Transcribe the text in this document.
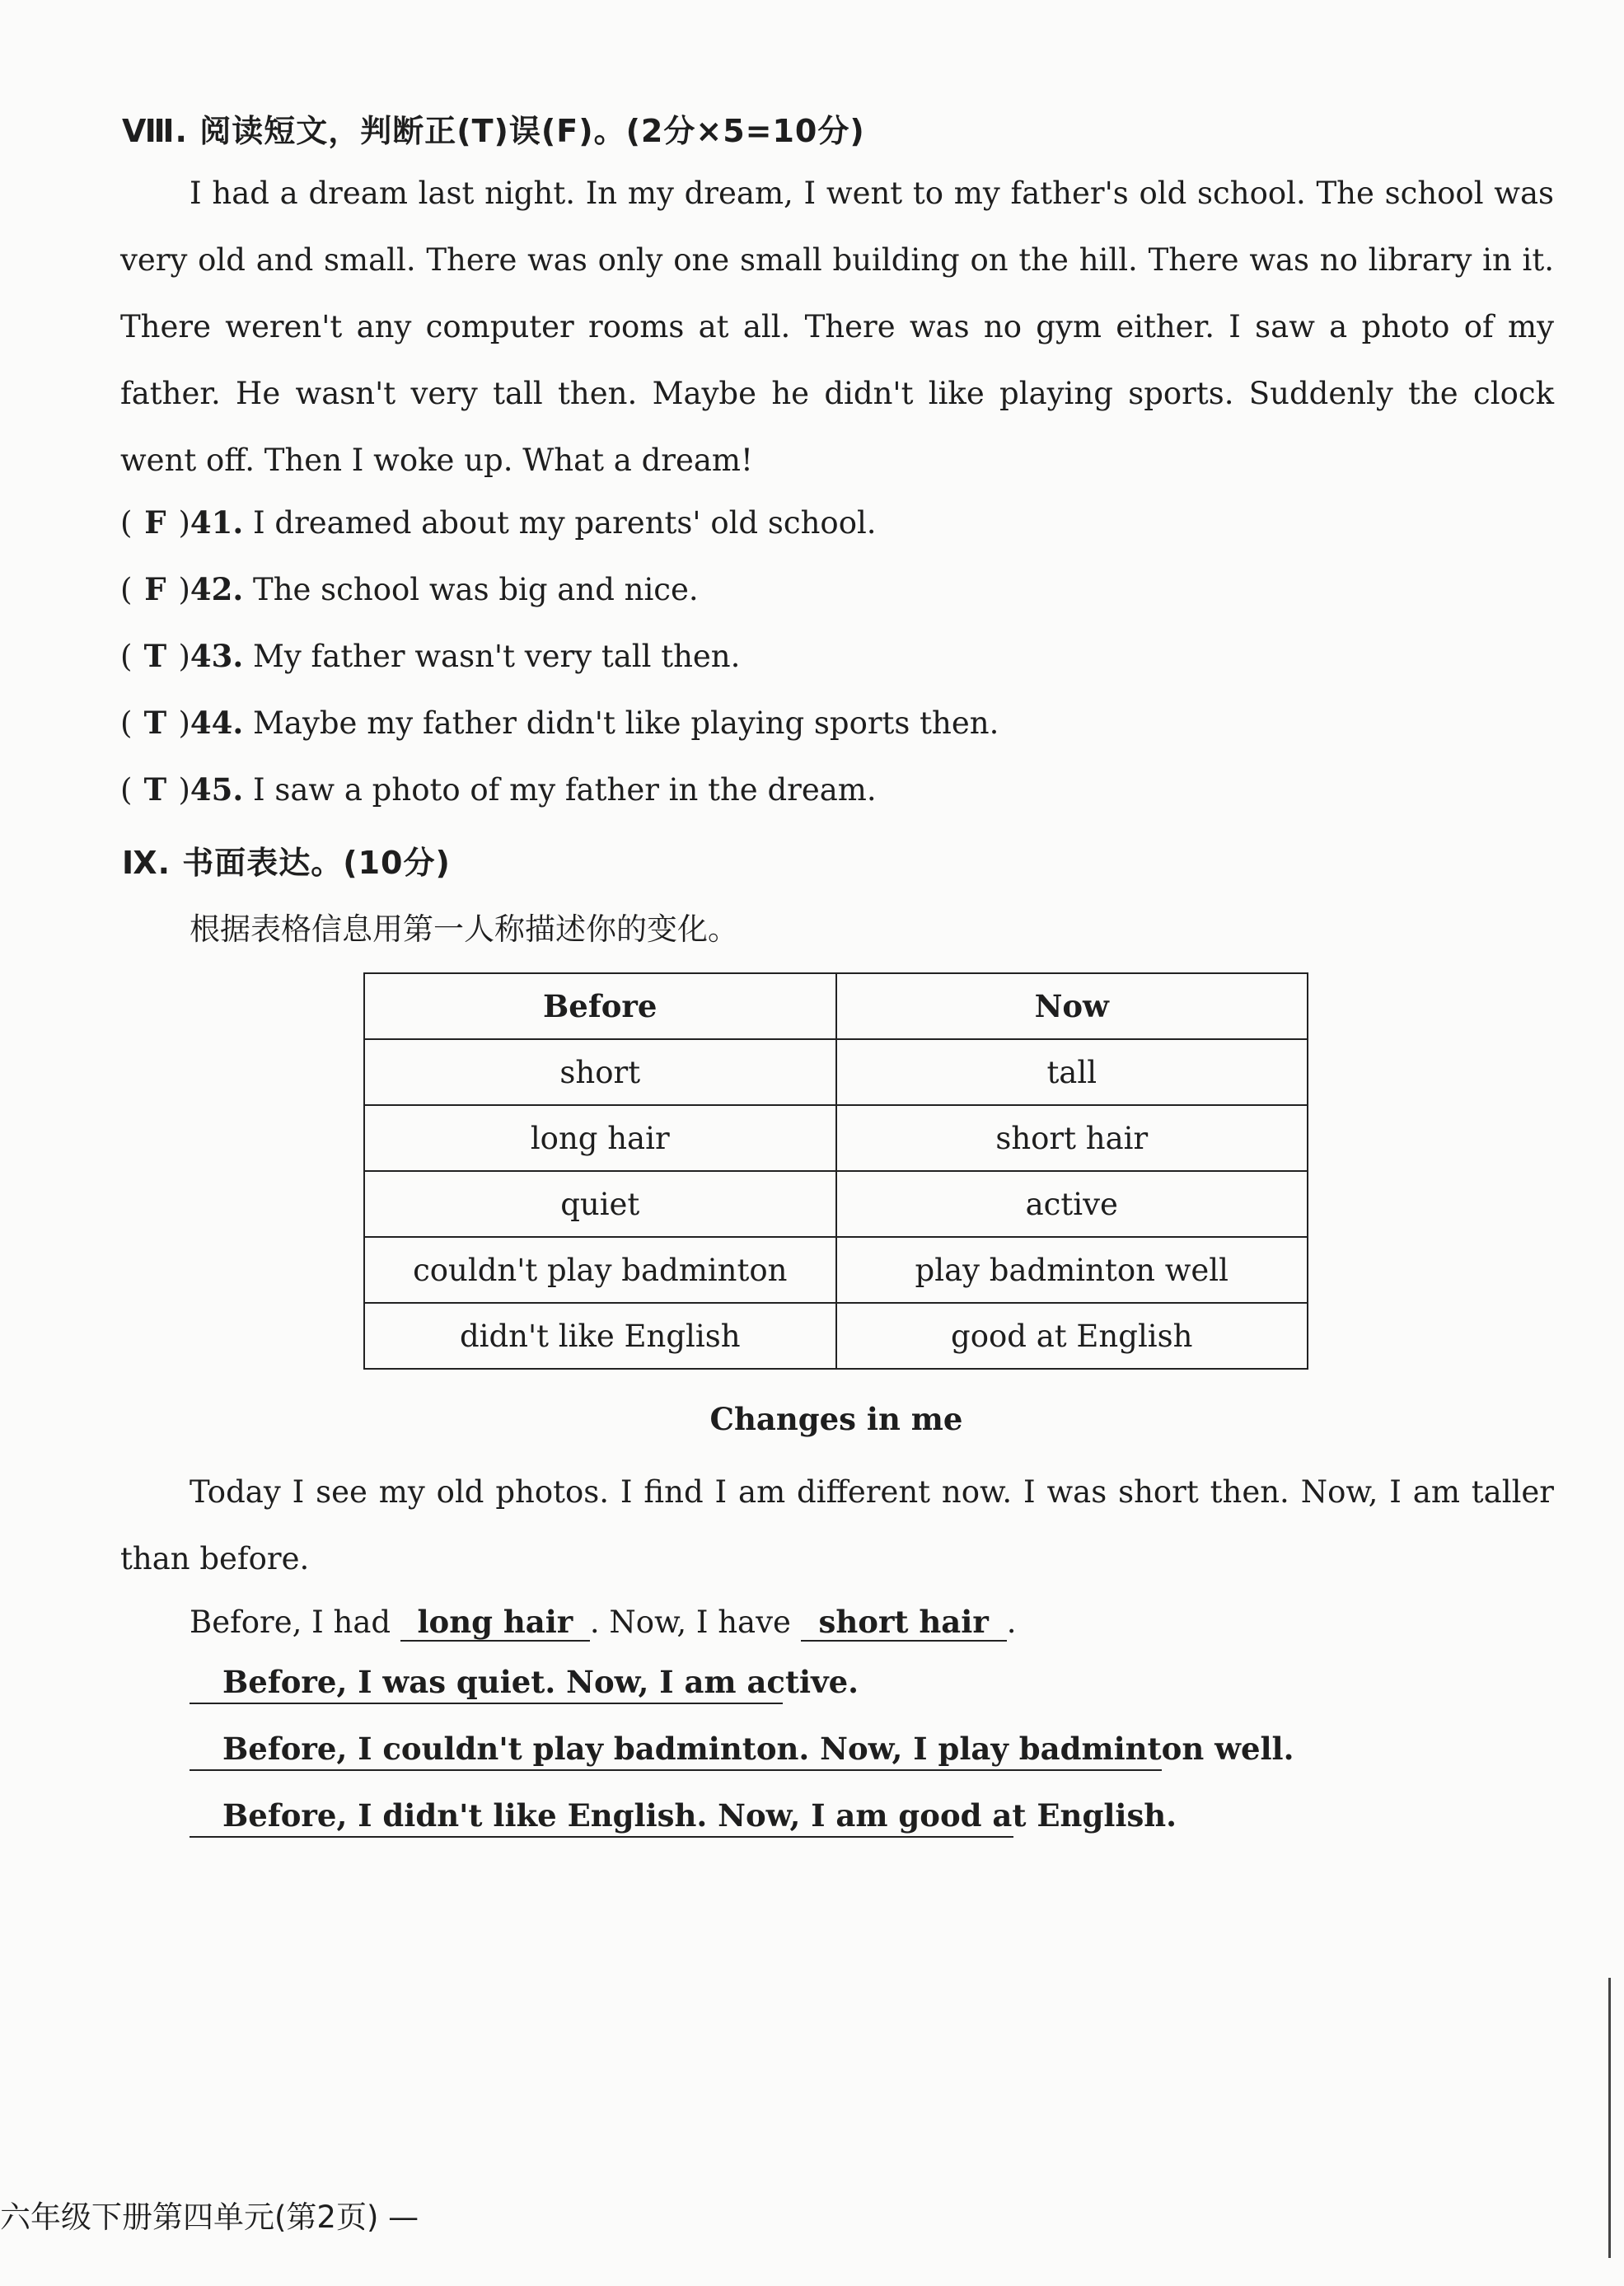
Ⅷ. 阅读短文，判断正(T)误(F)。(2分×5=10分)
I had a dream last night. In my dream, I went to my father's old school. The school was very old and small. There was only one small building on the hill. There was no library in it. There weren't any computer rooms at all. There was no gym either. I saw a photo of my father. He wasn't very tall then. Maybe he didn't like playing sports. Suddenly the clock went off. Then I woke up. What a dream!
( F )41. I dreamed about my parents' old school.
( F )42. The school was big and nice.
( T )43. My father wasn't very tall then.
( T )44. Maybe my father didn't like playing sports then.
( T )45. I saw a photo of my father in the dream.
Ⅸ. 书面表达。(10分)
根据表格信息用第一人称描述你的变化。
Before	Now
short	tall
long hair	short hair
quiet	active
couldn't play badminton	play badminton well
didn't like English	good at English
Changes in me
Today I see my old photos. I find I am different now. I was short then. Now, I am taller than before.
Before, I had long hair . Now, I have short hair .
Before, I was quiet. Now, I am active.
Before, I couldn't play badminton. Now, I play badminton well.
Before, I didn't like English. Now, I am good at English.
六年级下册第四单元(第2页) —
